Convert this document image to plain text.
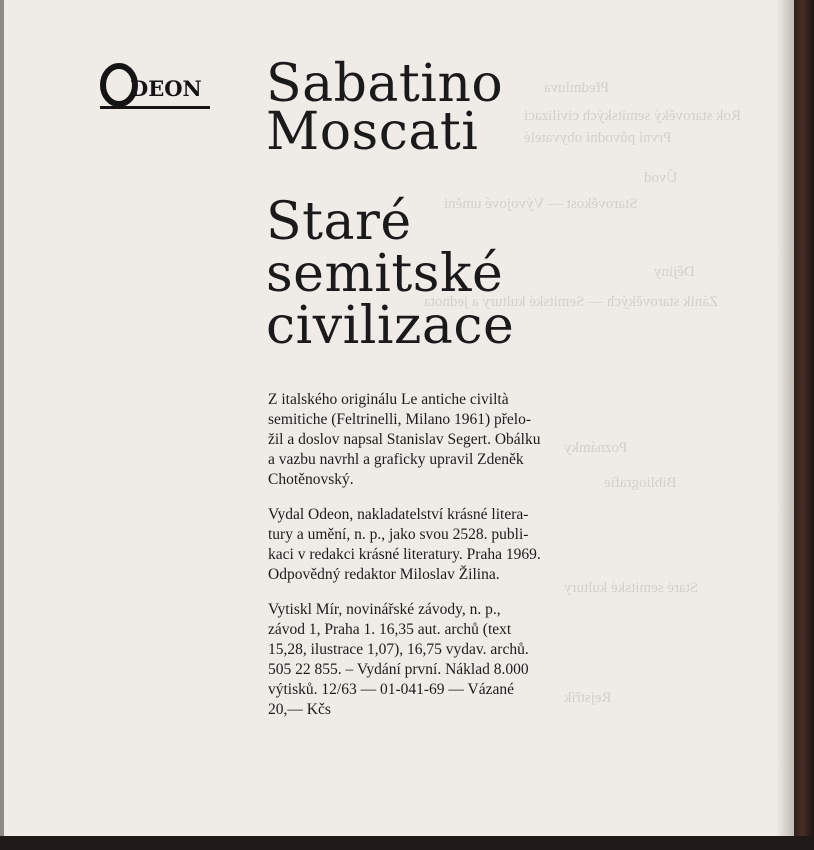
Předmluva
Rok starověký semitských civilizací
První původní obyvatelé
Úvod
Starověkost — Vývojové umění
Dějiny
Zánik starověkých — Semitské kultury a jednota
Poznámky
Bibliografie
Staré semitské kultury
Rejstřík
DEON Sabatino
Moscati
Staré
semitské
civilizace
Z italského originálu Le antiche civiltà
semitiche (Feltrinelli, Milano 1961) přelo-
žil a doslov napsal Stanislav Segert. Obálku
a vazbu navrhl a graficky upravil Zdeněk
Chotěnovský.
Vydal Odeon, nakladatelství krásné litera-
tury a umění, n. p., jako svou 2528. publi-
kaci v redakci krásné literatury. Praha 1969.
Odpovědný redaktor Miloslav Žilina.
Vytiskl Mír, novinářské závody, n. p.,
závod 1, Praha 1. 16,35 aut. archů (text
15,28, ilustrace 1,07), 16,75 vydav. archů.
505 22 855. – Vydání první. Náklad 8.000
výtisků. 12/63 — 01-041-69 — Vázané
20,— Kčs
